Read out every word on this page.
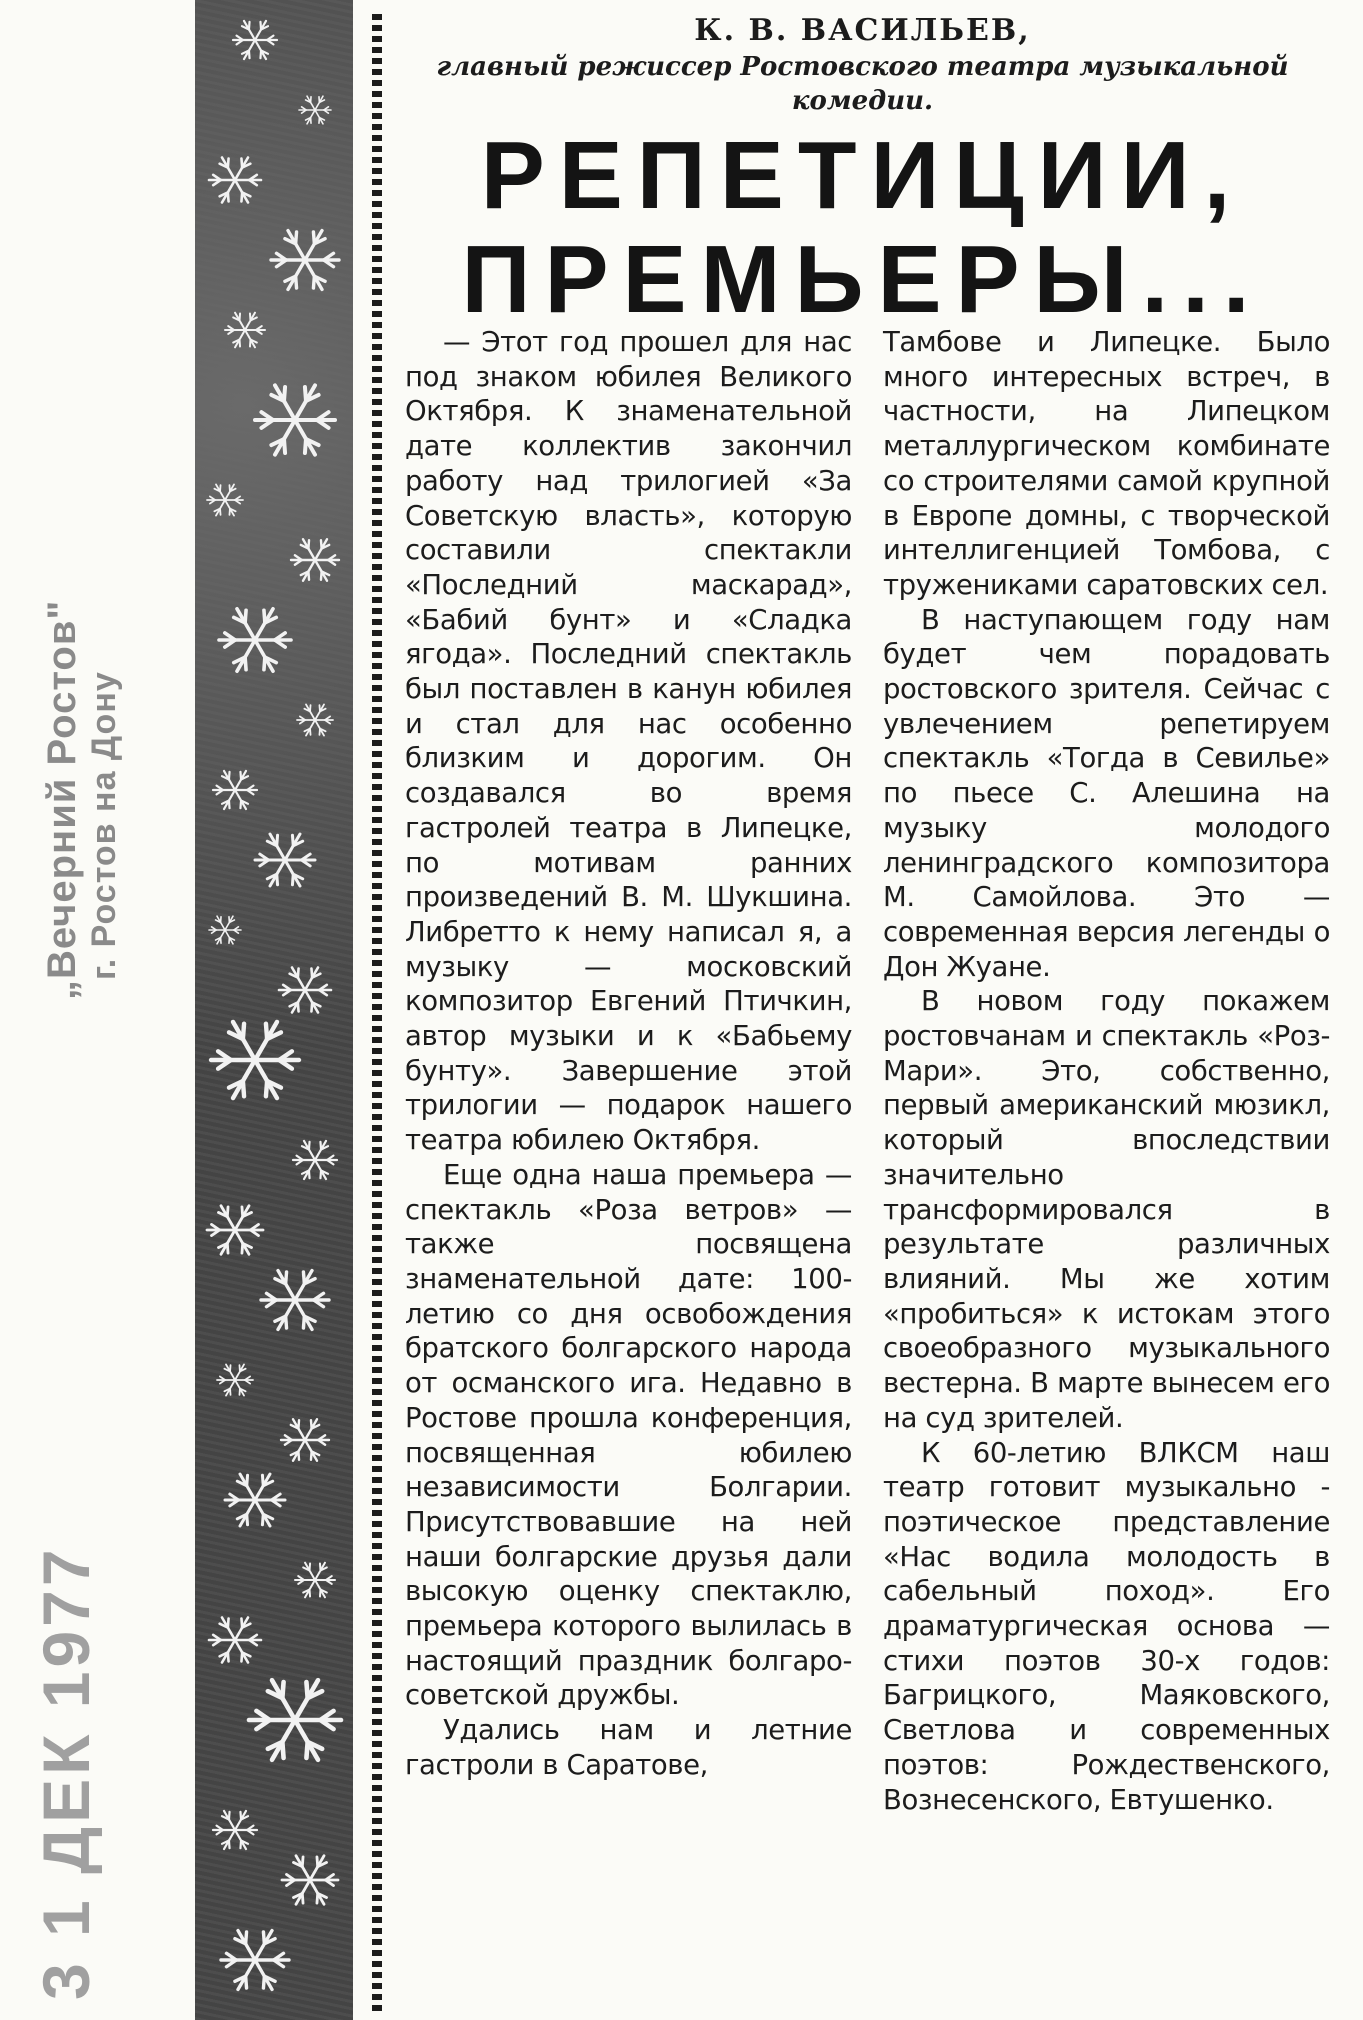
„Вечерний Ростов" г. Ростов на Дону
3 1 ДЕК 1977
К. В. ВАСИЛЬЕВ,
главный режиссер Ростовского театра музыкальной комедии.
РЕПЕТИЦИИ,
ПРЕМЬЕРЫ...

— Этот год прошел для нас под знаком юбилея Великого Октября. К знаменательной дате коллектив закончил работу над трилогией «За Советскую власть», которую составили спектакли «Последний маскарад», «Бабий бунт» и «Сладка ягода». Последний спектакль был поставлен в канун юбилея и стал для нас особенно близким и дорогим. Он создавался во время гастролей театра в Липецке, по мотивам ранних произведений В. М. Шукшина. Либретто к нему написал я, а музыку — московский композитор Евгений Птичкин, автор музыки и к «Бабьему бунту». Завершение этой трилогии — подарок нашего театра юбилею Октября.

Еще одна наша премьера — спектакль «Роза ветров» — также посвящена знаменательной дате: 100-летию со дня освобождения братского болгарского народа от османского ига. Недавно в Ростове прошла конференция, посвященная юбилею независимости Болгарии. Присутствовавшие на ней наши болгарские друзья дали высокую оценку спектаклю, премьера которого вылилась в настоящий праздник болгаро-советской дружбы.

Удались нам и летние гастроли в Саратове,

Тамбове и Липецке. Было много интересных встреч, в частности, на Липецком металлургическом комбинате со строителями самой крупной в Европе домны, с творческой интеллигенцией Томбова, с тружениками саратовских сел.

В наступающем году нам будет чем порадовать ростовского зрителя. Сейчас с увлечением репетируем спектакль «Тогда в Севилье» по пьесе С. Алешина на музыку молодого ленинградского композитора М. Самойлова. Это — современная версия легенды о Дон Жуане.

В новом году покажем ростовчанам и спектакль «Роз-Мари». Это, собственно, первый американский мюзикл, который впоследствии значительно трансформировался в результате различных влияний. Мы же хотим «пробиться» к истокам этого своеобразного музыкального вестерна. В марте вынесем его на суд зрителей.

К 60-летию ВЛКСМ наш театр готовит музыкально - поэтическое представление «Нас водила молодость в сабельный поход». Его драматургическая основа — стихи поэтов 30-х годов: Багрицкого, Маяковского, Светлова и современных поэтов: Рождественского, Вознесенского, Евтушенко.
